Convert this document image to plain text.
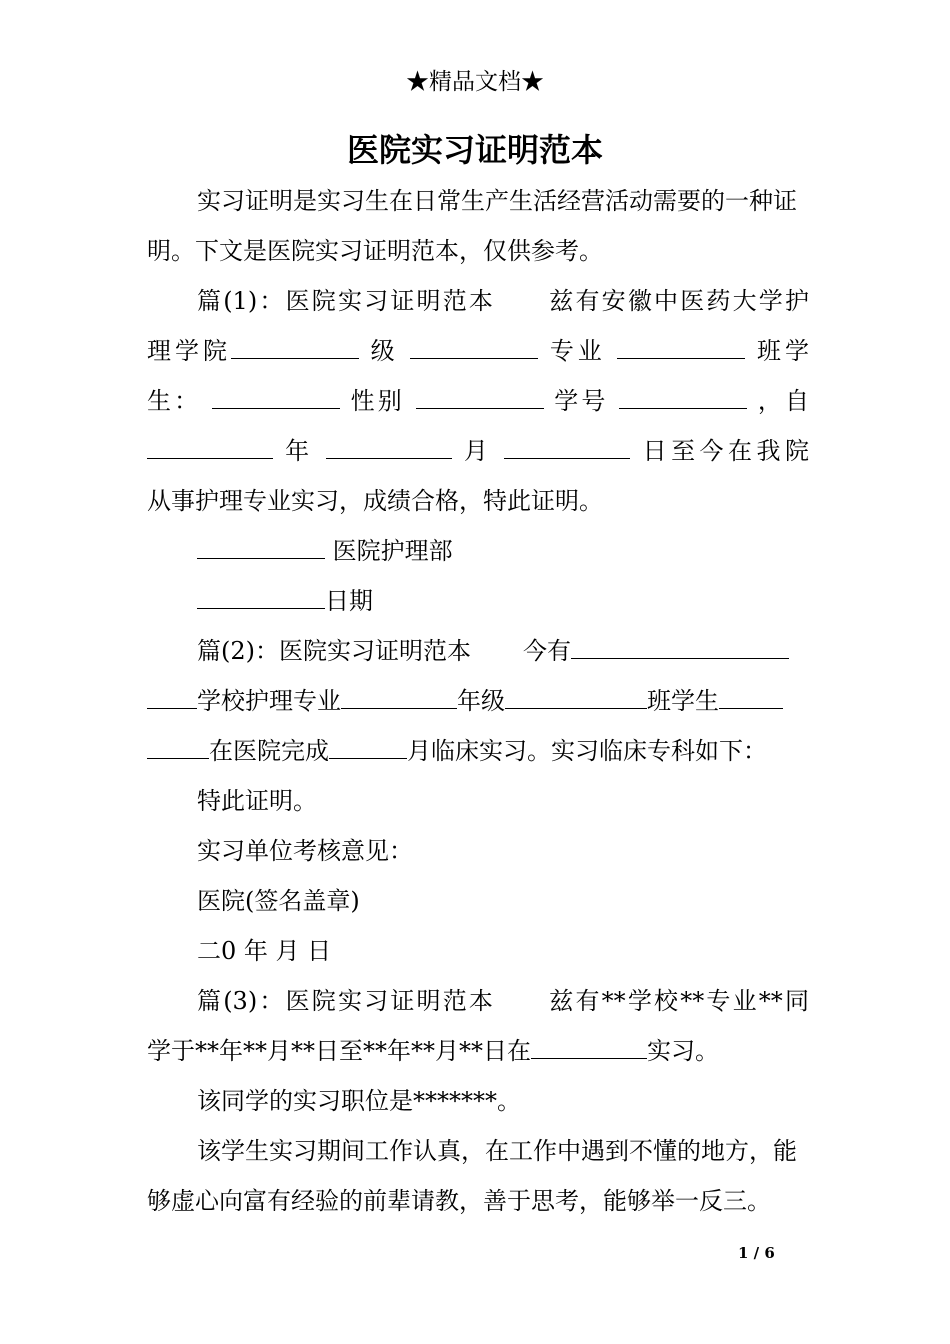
★精品文档★
医院实习证明范本

实习证明是实习生在日常生产生活经营活动需要的一种证明。下文是医院实习证明范本，仅供参考。

篇(1)：医院实习证明范本 兹有安徽中医药大学护

理学院	级	专业	班学

生：	性别	学号	，自

年	月	日至今在我院

从事护理专业实习，成绩合格，特此证明。

医院护理部

日期

篇(2)：医院实习证明范本 今有

学校护理专业	年级	班学生

在医院完成	月临床实习。实习临床专科如下：

特此证明。

实习单位考核意见：

医院(签名盖章)

二0 年 月 日

篇(3)：医院实习证明范本 兹有**学校**专业**同

学于**年**月**日至**年**月**日在	实习。

该同学的实习职位是*******。

该学生实习期间工作认真，在工作中遇到不懂的地方，能够虚心向富有经验的前辈请教，善于思考，能够举一反三。

1 / 6
